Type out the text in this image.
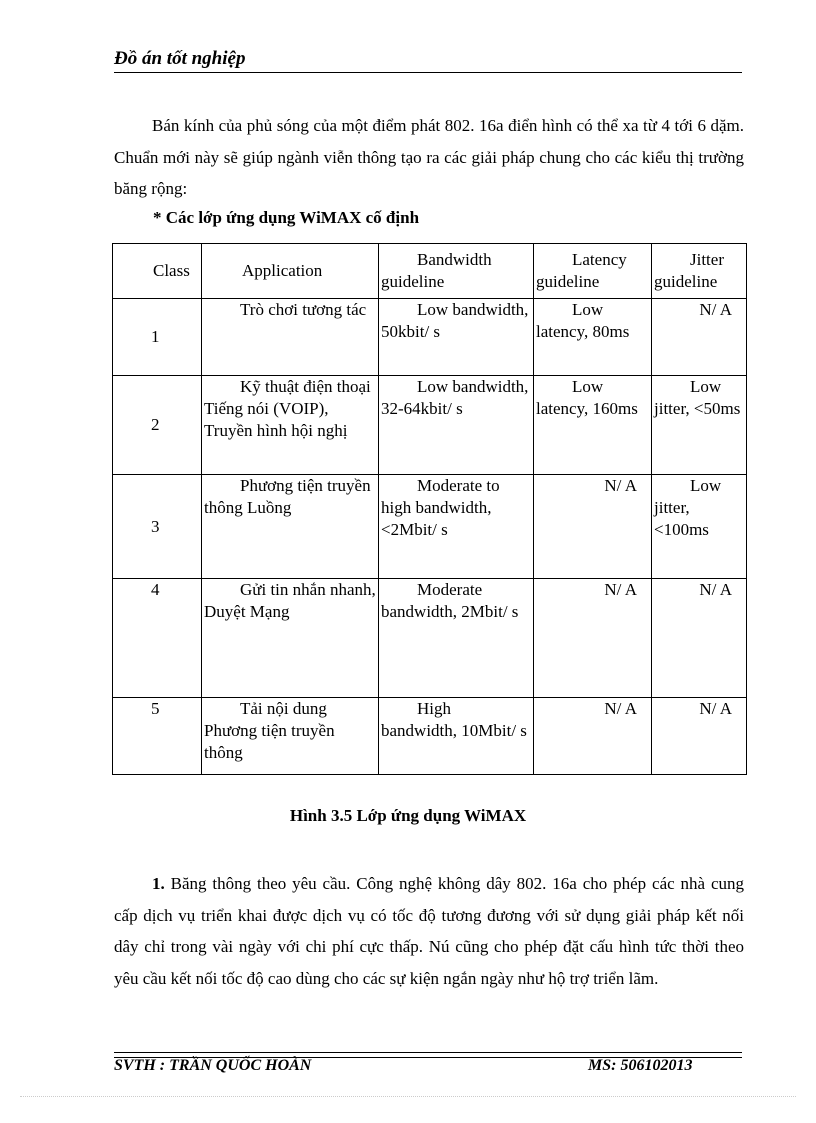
Đồ án tốt nghiệp

Bán kính của phủ sóng của một điểm phát 802. 16a điển hình có thể xa từ 4 tới 6 dặm. Chuẩn mới này sẽ giúp ngành viễn thông tạo ra các giải pháp chung cho các kiểu thị trường băng rộng:

* Các lớp ứng dụng WiMAX cố định
Class	Application	Bandwidth guideline	Latency guideline	Jitter guideline
1	Trò chơi tương tác	Low bandwidth, 50kbit/ s	Low latency, 80ms	N/ A
2	Kỹ thuật điện thoại Tiếng nói (VOIP), Truyền hình hội nghị	Low bandwidth, 32-64kbit/ s	Low latency, 160ms	Low jitter, <50ms
3	Phương tiện truyền thông Luồng	Moderate to high bandwidth, <2Mbit/ s	N/ A	Low jitter, <100ms
4	Gửi tin nhắn nhanh, Duyệt Mạng	Moderate bandwidth, 2Mbit/ s	N/ A	N/ A
5	Tải nội dung Phương tiện truyền thông	High bandwidth, 10Mbit/ s	N/ A	N/ A
Hình 3.5 Lớp ứng dụng WiMAX

1. Băng thông theo yêu cầu. Công nghệ không dây 802. 16a cho phép các nhà cung cấp dịch vụ triển khai được dịch vụ có tốc độ tương đương với sử dụng giải pháp kết nối dây chỉ trong vài ngày với chi phí cực thấp. Nú cũng cho phép đặt cấu hình tức thời theo yêu cầu kết nối tốc độ cao dùng cho các sự kiện ngắn ngày như hộ trợ triển lãm.

SVTH : TRẦN QUỐC HOÀN	MS: 506102013
